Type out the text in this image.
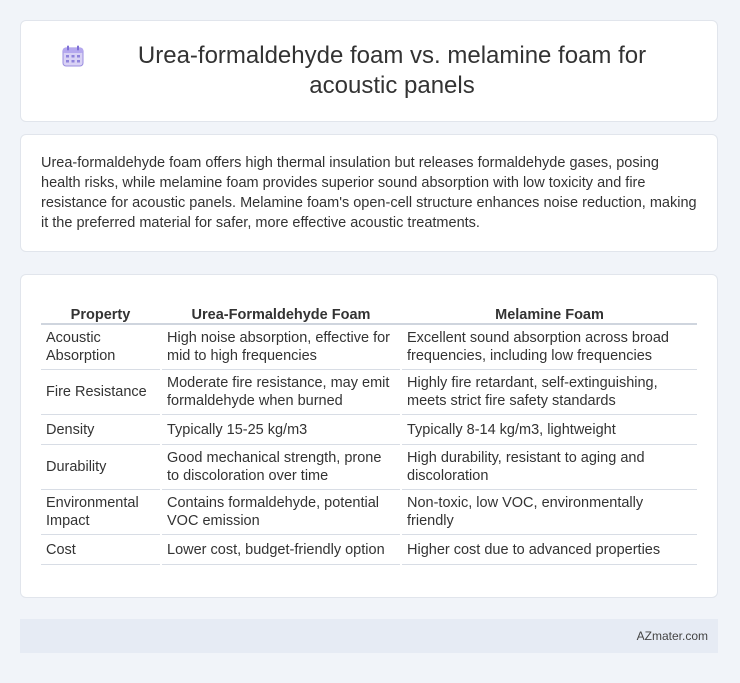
Urea-formaldehyde foam vs. melamine foam for acoustic panels

Urea-formaldehyde foam offers high thermal insulation but releases formaldehyde gases, posing health risks, while melamine foam provides superior sound absorption with low toxicity and fire resistance for acoustic panels. Melamine foam's open-cell structure enhances noise reduction, making it the preferred material for safer, more effective acoustic treatments.

Property	Urea-Formaldehyde Foam	Melamine Foam
Acoustic Absorption	High noise absorption, effective for mid to high frequencies	Excellent sound absorption across broad frequencies, including low frequencies
Fire Resistance	Moderate fire resistance, may emit formaldehyde when burned	Highly fire retardant, self-extinguishing, meets strict fire safety standards
Density	Typically 15-25 kg/m3	Typically 8-14 kg/m3, lightweight
Durability	Good mechanical strength, prone to discoloration over time	High durability, resistant to aging and discoloration
Environmental Impact	Contains formaldehyde, potential VOC emission	Non-toxic, low VOC, environmentally friendly
Cost	Lower cost, budget-friendly option	Higher cost due to advanced properties
AZmater.com
